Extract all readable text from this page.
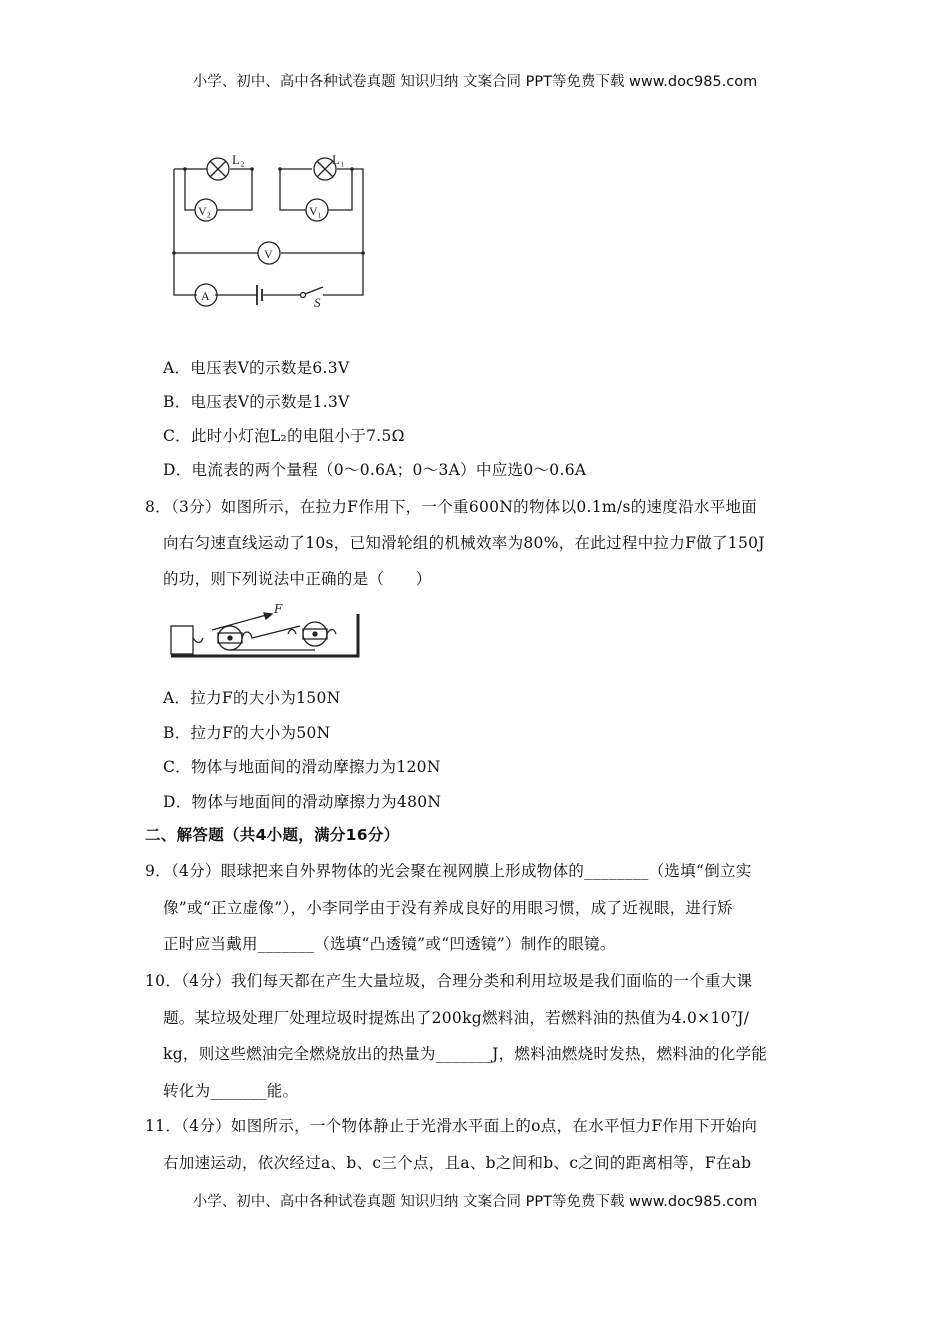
小学、初中、高中各种试卷真题 知识归纳 文案合同 PPT等免费下载 www.doc985.com
L₂	L₁
V₂	V₁
V
A	S
A．电压表V的示数是6.3V
B．电压表V的示数是1.3V
C．此时小灯泡L₂的电阻小于7.5Ω
D．电流表的两个量程（0～0.6A；0～3A）中应选0～0.6A
8．（3分）如图所示，在拉力F作用下，一个重600N的物体以0.1m/s的速度沿水平地面
向右匀速直线运动了10s，已知滑轮组的机械效率为80%，在此过程中拉力F做了150J
的功，则下列说法中正确的是（　　）
F
A．拉力F的大小为150N
B．拉力F的大小为50N
C．物体与地面间的滑动摩擦力为120N
D．物体与地面间的滑动摩擦力为480N
二、解答题（共4小题，满分16分）
9．（4分）眼球把来自外界物体的光会聚在视网膜上形成物体的________（选填“倒立实
像”或“正立虚像”），小李同学由于没有养成良好的用眼习惯，成了近视眼，进行矫
正时应当戴用_______（选填“凸透镜”或“凹透镜”）制作的眼镜。
10．（4分）我们每天都在产生大量垃圾，合理分类和利用垃圾是我们面临的一个重大课
题。某垃圾处理厂处理垃圾时提炼出了200kg燃料油，若燃料油的热值为4.0×10⁷J/
kg，则这些燃油完全燃烧放出的热量为_______J，燃料油燃烧时发热，燃料油的化学能
转化为_______能。
11．（4分）如图所示，一个物体静止于光滑水平面上的o点，在水平恒力F作用下开始向
右加速运动，依次经过a、b、c三个点，且a、b之间和b、c之间的距离相等，F在ab
小学、初中、高中各种试卷真题 知识归纳 文案合同 PPT等免费下载 www.doc985.com
